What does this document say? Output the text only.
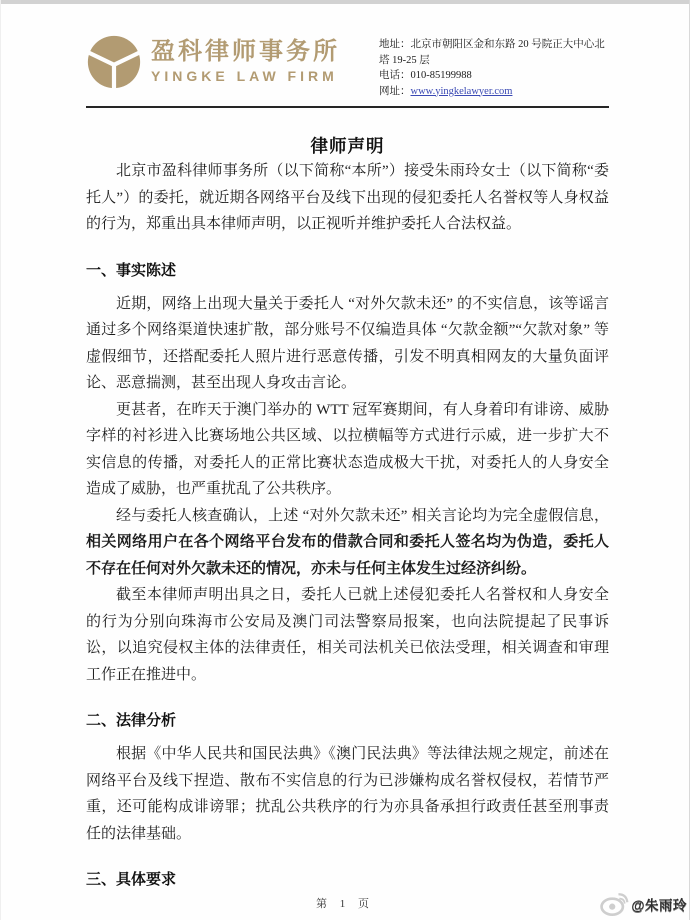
盈科律师事务所
YINGKE LAW FIRM

地址：北京市朝阳区金和东路 20 号院正大中心北塔 19-25 层

电话：010-85199988

网址：www.yingkelawyer.com

律师声明

北京市盈科律师事务所（以下简称“本所”）接受朱雨玲女士（以下简称“委托人”）的委托，就近期各网络平台及线下出现的侵犯委托人名誉权等人身权益的行为，郑重出具本律师声明，以正视听并维护委托人合法权益。

一、事实陈述

近期，网络上出现大量关于委托人 “对外欠款未还” 的不实信息，该等谣言通过多个网络渠道快速扩散，部分账号不仅编造具体 “欠款金额”“欠款对象” 等虚假细节，还搭配委托人照片进行恶意传播，引发不明真相网友的大量负面评论、恶意揣测，甚至出现人身攻击言论。

更甚者，在昨天于澳门举办的 WTT 冠军赛期间，有人身着印有诽谤、威胁字样的衬衫进入比赛场地公共区域、以拉横幅等方式进行示威，进一步扩大不实信息的传播，对委托人的正常比赛状态造成极大干扰，对委托人的人身安全造成了威胁，也严重扰乱了公共秩序。

经与委托人核查确认，上述 “对外欠款未还” 相关言论均为完全虚假信息，相关网络用户在各个网络平台发布的借款合同和委托人签名均为伪造，委托人不存在任何对外欠款未还的情况，亦未与任何主体发生过经济纠纷。

截至本律师声明出具之日，委托人已就上述侵犯委托人名誉权和人身安全的行为分别向珠海市公安局及澳门司法警察局报案，也向法院提起了民事诉讼，以追究侵权主体的法律责任，相关司法机关已依法受理，相关调查和审理工作正在推进中。

二、法律分析

根据《中华人民共和国民法典》《澳门民法典》等法律法规之规定，前述在网络平台及线下捏造、散布不实信息的行为已涉嫌构成名誉权侵权，若情节严重，还可能构成诽谤罪；扰乱公共秩序的行为亦具备承担行政责任甚至刑事责任的法律基础。

三、具体要求
第 1 页	@朱雨玲
